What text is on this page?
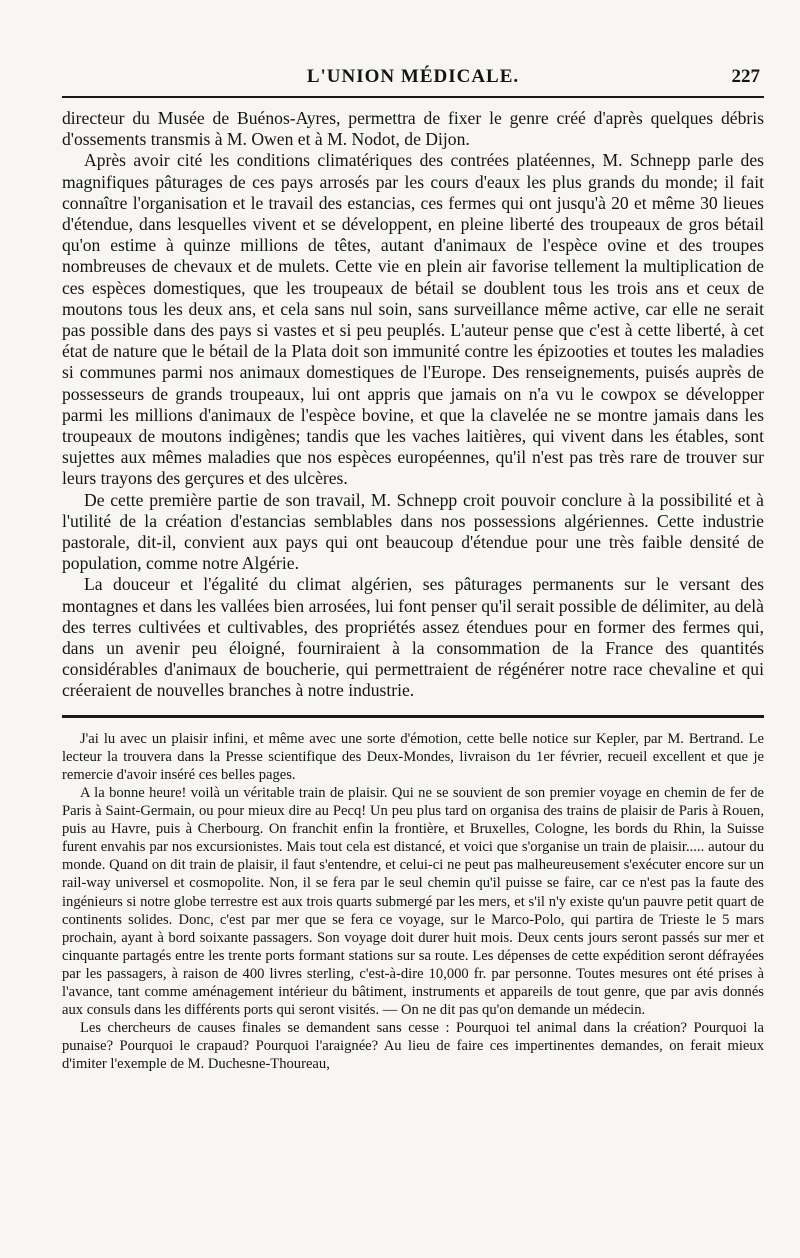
L'UNION MÉDICALE.	227

directeur du Musée de Buénos-Ayres, permettra de fixer le genre créé d'après quelques débris d'ossements transmis à M. Owen et à M. Nodot, de Dijon.

Après avoir cité les conditions climatériques des contrées platéennes, M. Schnepp parle des magnifiques pâturages de ces pays arrosés par les cours d'eaux les plus grands du monde; il fait connaître l'organisation et le travail des estancias, ces fermes qui ont jusqu'à 20 et même 30 lieues d'étendue, dans lesquelles vivent et se développent, en pleine liberté des troupeaux de gros bétail qu'on estime à quinze millions de têtes, autant d'animaux de l'espèce ovine et des troupes nombreuses de chevaux et de mulets. Cette vie en plein air favorise tellement la multiplication de ces espèces domestiques, que les troupeaux de bétail se doublent tous les trois ans et ceux de moutons tous les deux ans, et cela sans nul soin, sans surveillance même active, car elle ne serait pas possible dans des pays si vastes et si peu peuplés. L'auteur pense que c'est à cette liberté, à cet état de nature que le bétail de la Plata doit son immunité contre les épizooties et toutes les maladies si communes parmi nos animaux domestiques de l'Europe. Des renseignements, puisés auprès de possesseurs de grands troupeaux, lui ont appris que jamais on n'a vu le cowpox se développer parmi les millions d'animaux de l'espèce bovine, et que la clavelée ne se montre jamais dans les troupeaux de moutons indigènes; tandis que les vaches laitières, qui vivent dans les étables, sont sujettes aux mêmes maladies que nos espèces européennes, qu'il n'est pas très rare de trouver sur leurs trayons des gerçures et des ulcères.

De cette première partie de son travail, M. Schnepp croit pouvoir conclure à la possibilité et à l'utilité de la création d'estancias semblables dans nos possessions algériennes. Cette industrie pastorale, dit-il, convient aux pays qui ont beaucoup d'étendue pour une très faible densité de population, comme notre Algérie.

La douceur et l'égalité du climat algérien, ses pâturages permanents sur le versant des montagnes et dans les vallées bien arrosées, lui font penser qu'il serait possible de délimiter, au delà des terres cultivées et cultivables, des propriétés assez étendues pour en former des fermes qui, dans un avenir peu éloigné, fourniraient à la consommation de la France des quantités considérables d'animaux de boucherie, qui permettraient de régénérer notre race chevaline et qui créeraient de nouvelles branches à notre industrie.

J'ai lu avec un plaisir infini, et même avec une sorte d'émotion, cette belle notice sur Kepler, par M. Bertrand. Le lecteur la trouvera dans la Presse scientifique des Deux-Mondes, livraison du 1er février, recueil excellent et que je remercie d'avoir inséré ces belles pages.

A la bonne heure! voilà un véritable train de plaisir. Qui ne se souvient de son premier voyage en chemin de fer de Paris à Saint-Germain, ou pour mieux dire au Pecq! Un peu plus tard on organisa des trains de plaisir de Paris à Rouen, puis au Havre, puis à Cherbourg. On franchit enfin la frontière, et Bruxelles, Cologne, les bords du Rhin, la Suisse furent envahis par nos excursionistes. Mais tout cela est distancé, et voici que s'organise un train de plaisir..... autour du monde. Quand on dit train de plaisir, il faut s'entendre, et celui-ci ne peut pas malheureusement s'exécuter encore sur un rail-way universel et cosmopolite. Non, il se fera par le seul chemin qu'il puisse se faire, car ce n'est pas la faute des ingénieurs si notre globe terrestre est aux trois quarts submergé par les mers, et s'il n'y existe qu'un pauvre petit quart de continents solides. Donc, c'est par mer que se fera ce voyage, sur le Marco-Polo, qui partira de Trieste le 5 mars prochain, ayant à bord soixante passagers. Son voyage doit durer huit mois. Deux cents jours seront passés sur mer et cinquante partagés entre les trente ports formant stations sur sa route. Les dépenses de cette expédition seront défrayées par les passagers, à raison de 400 livres sterling, c'est-à-dire 10,000 fr. par personne. Toutes mesures ont été prises à l'avance, tant comme aménagement intérieur du bâtiment, instruments et appareils de tout genre, que par avis donnés aux consuls dans les différents ports qui seront visités. — On ne dit pas qu'on demande un médecin.

Les chercheurs de causes finales se demandent sans cesse : Pourquoi tel animal dans la création? Pourquoi la punaise? Pourquoi le crapaud? Pourquoi l'araignée? Au lieu de faire ces impertinentes demandes, on ferait mieux d'imiter l'exemple de M. Duchesne-Thoureau,
